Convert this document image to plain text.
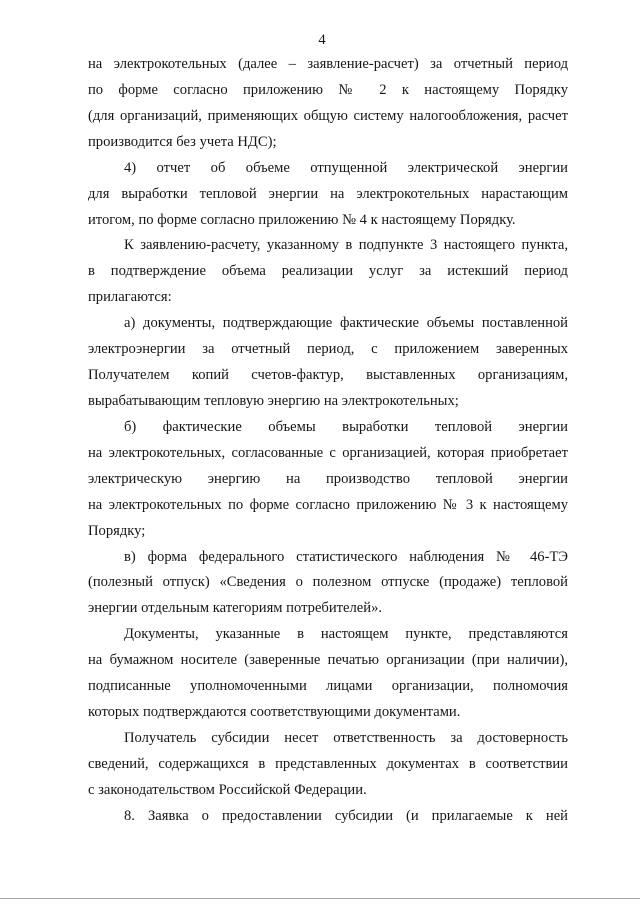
4
на электрокотельных (далее – заявление-расчет) за отчетный период
по форме согласно приложению № 2 к настоящему Порядку
(для организаций, применяющих общую систему налогообложения, расчет
производится без учета НДС);
4) отчет об объеме отпущенной электрической энергии
для выработки тепловой энергии на электрокотельных нарастающим
итогом, по форме согласно приложению № 4 к настоящему Порядку.
К заявлению-расчету, указанному в подпункте 3 настоящего пункта,
в подтверждение объема реализации услуг за истекший период
прилагаются:
а) документы, подтверждающие фактические объемы поставленной
электроэнергии за отчетный период, с приложением заверенных
Получателем копий счетов-фактур, выставленных организациям,
вырабатывающим тепловую энергию на электрокотельных;
б) фактические объемы выработки тепловой энергии
на электрокотельных, согласованные с организацией, которая приобретает
электрическую энергию на производство тепловой энергии
на электрокотельных по форме согласно приложению № 3 к настоящему
Порядку;
в) форма федерального статистического наблюдения № 46-ТЭ
(полезный отпуск) «Сведения о полезном отпуске (продаже) тепловой
энергии отдельным категориям потребителей».
Документы, указанные в настоящем пункте, представляются
на бумажном носителе (заверенные печатью организации (при наличии),
подписанные уполномоченными лицами организации, полномочия
которых подтверждаются соответствующими документами.
Получатель субсидии несет ответственность за достоверность
сведений, содержащихся в представленных документах в соответствии
с законодательством Российской Федерации.
8. Заявка о предоставлении субсидии (и прилагаемые к ней
